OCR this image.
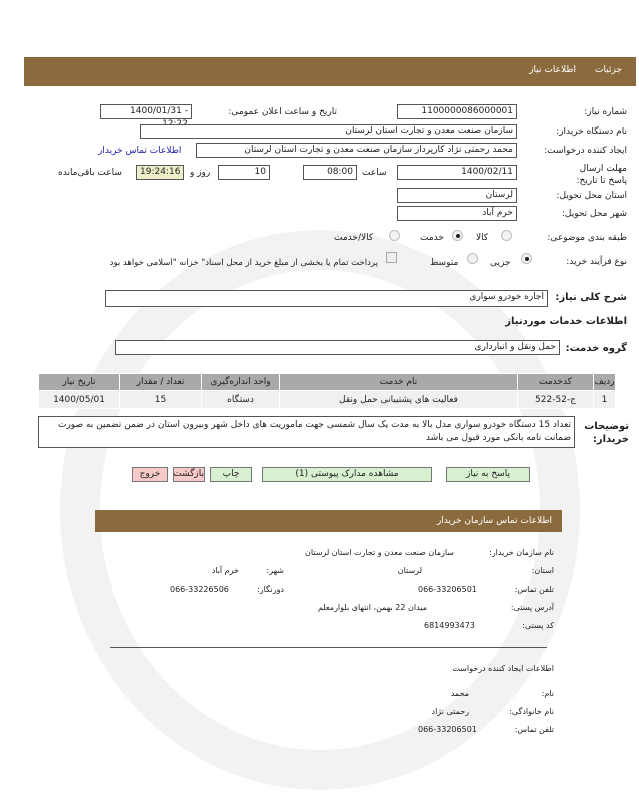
جزئیات
اطلاعات نیاز
شماره نیاز:
1100000086000001
تاریخ و ساعت اعلان عمومی:
1400/01/31 -
نام دستگاه خریدار:
سازمان صنعت معدن و تجارت استان لرستان
ایجاد کننده درخواست:
محمد رحمتی نژاد کارپرداز سازمان صنعت معدن و تجارت استان لرستان
اطلاعات تماس خریدار
مهلت ارسال پاسخ تا تاریخ:
1400/02/11
ساعت
08:00
10
روز و
19:24:16
ساعت باقی‌مانده
استان محل تحویل:
لرستان
شهر محل تحویل:
خرم آباد
طبقه بندی موضوعی:
کالا
خدمت
کالا/خدمت
نوع فرآیند خرید:
جزیی
متوسط
پرداخت تمام یا بخشی از مبلغ خرید از محل اسناد" خزانه "اسلامی خواهد بود
شرح کلی نیاز:
اجاره خودرو سواری
اطلاعات خدمات موردنیاز
گروه خدمت:
حمل ونقل و انبارداری
ردیف	کدخدمت	نام خدمت	واحد اندازه‌گیری	تعداد / مقدار	تاریخ نیاز
1	ج-52-522	فعالیت های پشتیبانی حمل ونقل	دستگاه	15	1400/05/01
توضیحات خریدار:
تعداد 15 دستگاه خودرو سواری مدل بالا به مدت یک سال شمسی جهت ماموریت های داخل شهر وبیرون استان در ضمن تضمین به صورت ضمانت نامه بانکی مورد قبول می باشد
پاسخ به نیاز
مشاهده مدارک پیوستی (1)
چاپ
بازگشت
خروج
اطلاعات تماس سازمان خریدار
نام سازمان خریدار:
سازمان صنعت معدن و تجارت استان لرستان
استان:
لرستان
شهر:
خرم آباد
تلفن تماس:
066-33206501
دورنگار:
066-33226506
آدرس پستی:
میدان 22 بهمن، انتهای بلوارمعلم
کد پستی:
6814993473
اطلاعات ایجاد کننده درخواست
نام:
محمد
نام خانوادگی:
رحمتی نژاد
تلفن تماس:
066-33206501
